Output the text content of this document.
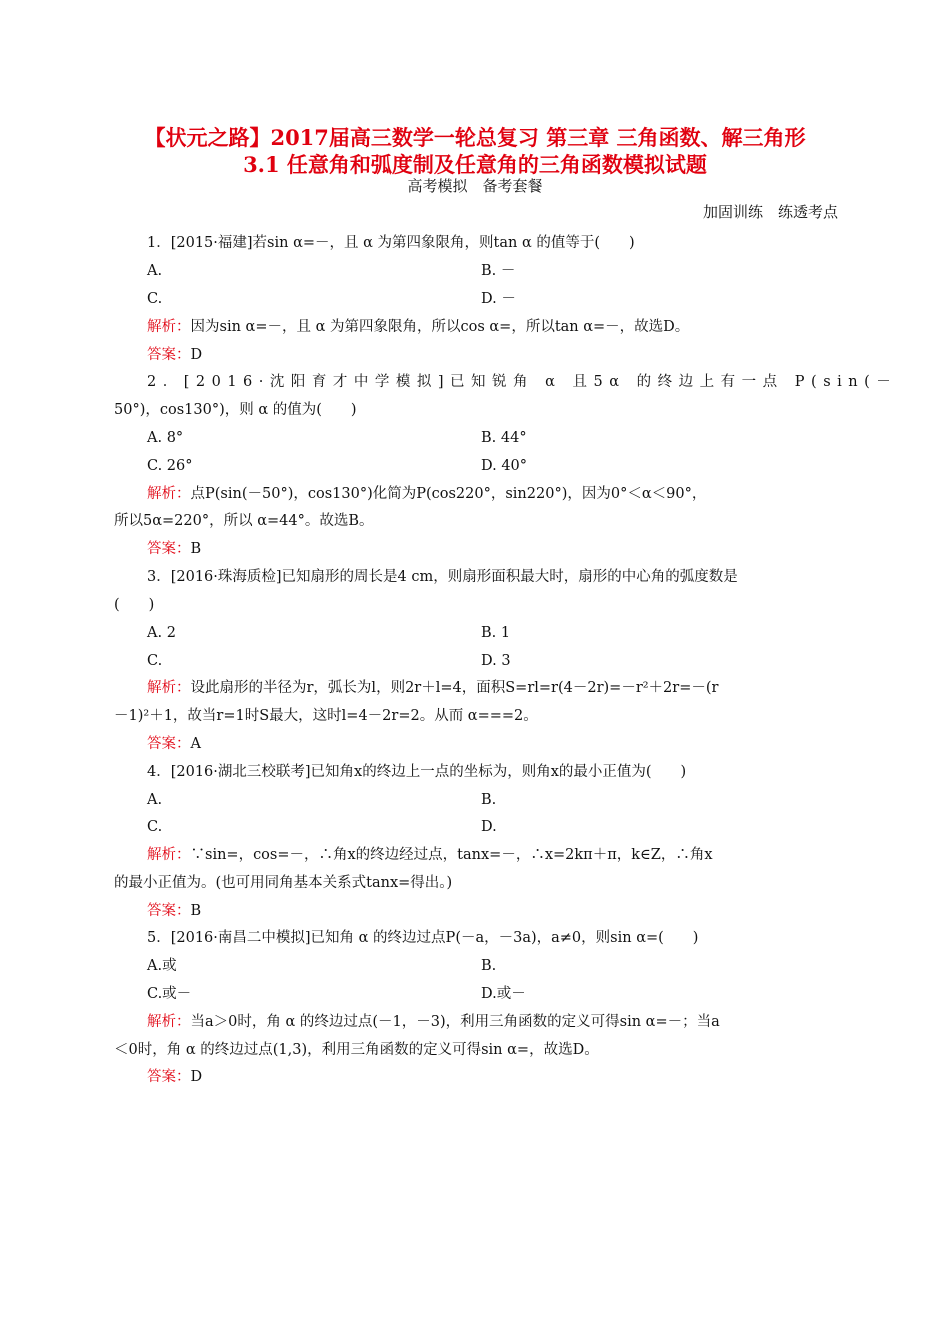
【状元之路】2017届高三数学一轮总复习 第三章 三角函数、解三角形
3.1 任意角和弧度制及任意角的三角函数模拟试题
高考模拟　备考套餐
加固训练　练透考点
1．[2015·福建]若sin α=－，且 α 为第四象限角，则tan α 的值等于(　　)
A.	B. －
C.	D. －
解析：因为sin α=－，且 α 为第四象限角，所以cos α=，所以tan α=－，故选D。
答案：D
2．[2016·沈阳育才中学模拟]已知锐角 α 且5α 的终边上有一点 P(sin(－
50°)，cos130°)，则 α 的值为(　　)
A. 8°	B. 44°
C. 26°	D. 40°
解析：点P(sin(－50°)，cos130°)化简为P(cos220°，sin220°)，因为0°＜α＜90°，
所以5α=220°，所以 α=44°。故选B。
答案：B
3．[2016·珠海质检]已知扇形的周长是4 cm，则扇形面积最大时，扇形的中心角的弧度数是
(　　)
A. 2	B. 1
C.	D. 3
解析：设此扇形的半径为r，弧长为l，则2r＋l=4，面积S=rl=r(4－2r)=－r²＋2r=－(r
－1)²＋1，故当r=1时S最大，这时l=4－2r=2。从而 α===2。
答案：A
4．[2016·湖北三校联考]已知角x的终边上一点的坐标为，则角x的最小正值为(　　)
A.	B.
C.	D.
解析：∵sin=，cos=－，∴角x的终边经过点，tanx=－，∴x=2kπ＋π，k∈Z，∴角x
的最小正值为。(也可用同角基本关系式tanx=得出。)
答案：B
5．[2016·南昌二中模拟]已知角 α 的终边过点P(－a，－3a)，a≠0，则sin α=(　　)
A.或	B.
C.或－	D.或－
解析：当a＞0时，角 α 的终边过点(－1，－3)，利用三角函数的定义可得sin α=－；当a
＜0时，角 α 的终边过点(1,3)，利用三角函数的定义可得sin α=，故选D。
答案：D
